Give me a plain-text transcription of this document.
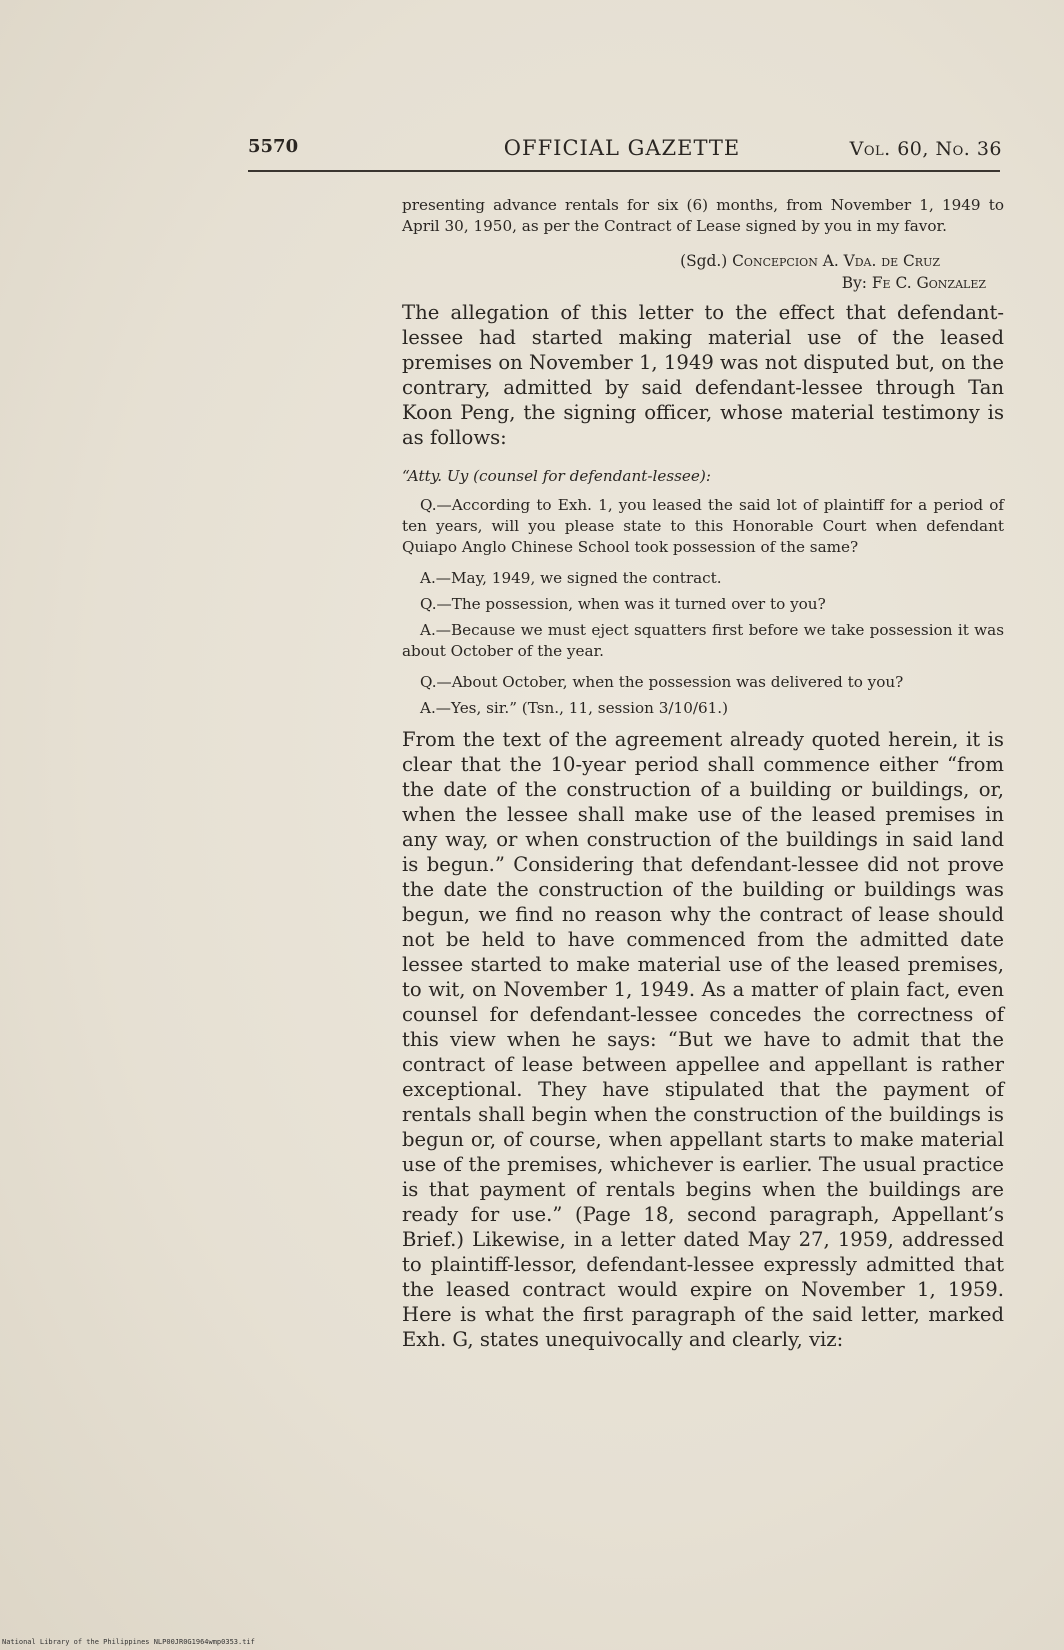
5570	OFFICIAL GAZETTE	Vol. 60, No. 36

presenting advance rentals for six (6) months, from November 1, 1949 to April 30, 1950, as per the Contract of Lease signed by you in my favor.

(Sgd.) Concepcion A. Vda. de Cruz

By: Fe C. Gonzalez

The allegation of this letter to the effect that defendant-lessee had started making material use of the leased premises on November 1, 1949 was not disputed but, on the contrary, admitted by said defendant-lessee through Tan Koon Peng, the signing officer, whose material testimony is as follows:

“Atty. Uy (counsel for defendant-lessee):

Q.—According to Exh. 1, you leased the said lot of plaintiff for a period of ten years, will you please state to this Honorable Court when defendant Quiapo Anglo Chinese School took possession of the same?

A.—May, 1949, we signed the contract.

Q.—The possession, when was it turned over to you?

A.—Because we must eject squatters first before we take possession it was about October of the year.

Q.—About October, when the possession was delivered to you?

A.—Yes, sir.” (Tsn., 11, session 3/10/61.)

From the text of the agreement already quoted herein, it is clear that the 10-year period shall commence either “from the date of the construction of a building or buildings, or, when the lessee shall make use of the leased premises in any way, or when construction of the buildings in said land is begun.” Considering that defendant-lessee did not prove the date the construction of the building or buildings was begun, we find no reason why the contract of lease should not be held to have commenced from the admitted date lessee started to make material use of the leased premises, to wit, on November 1, 1949. As a matter of plain fact, even counsel for defendant-lessee concedes the correctness of this view when he says: “But we have to admit that the contract of lease between appellee and appellant is rather exceptional. They have stipulated that the payment of rentals shall begin when the construction of the buildings is begun or, of course, when appellant starts to make material use of the premises, whichever is earlier. The usual practice is that payment of rentals begins when the buildings are ready for use.” (Page 18, second paragraph, Appellant’s Brief.) Likewise, in a letter dated May 27, 1959, addressed to plaintiff-lessor, defendant-lessee expressly admitted that the leased contract would expire on November 1, 1959. Here is what the first paragraph of the said letter, marked Exh. G, states unequivocally and clearly, viz:

National Library of the Philippines NLP00JR0G1964wmp0353.tif
